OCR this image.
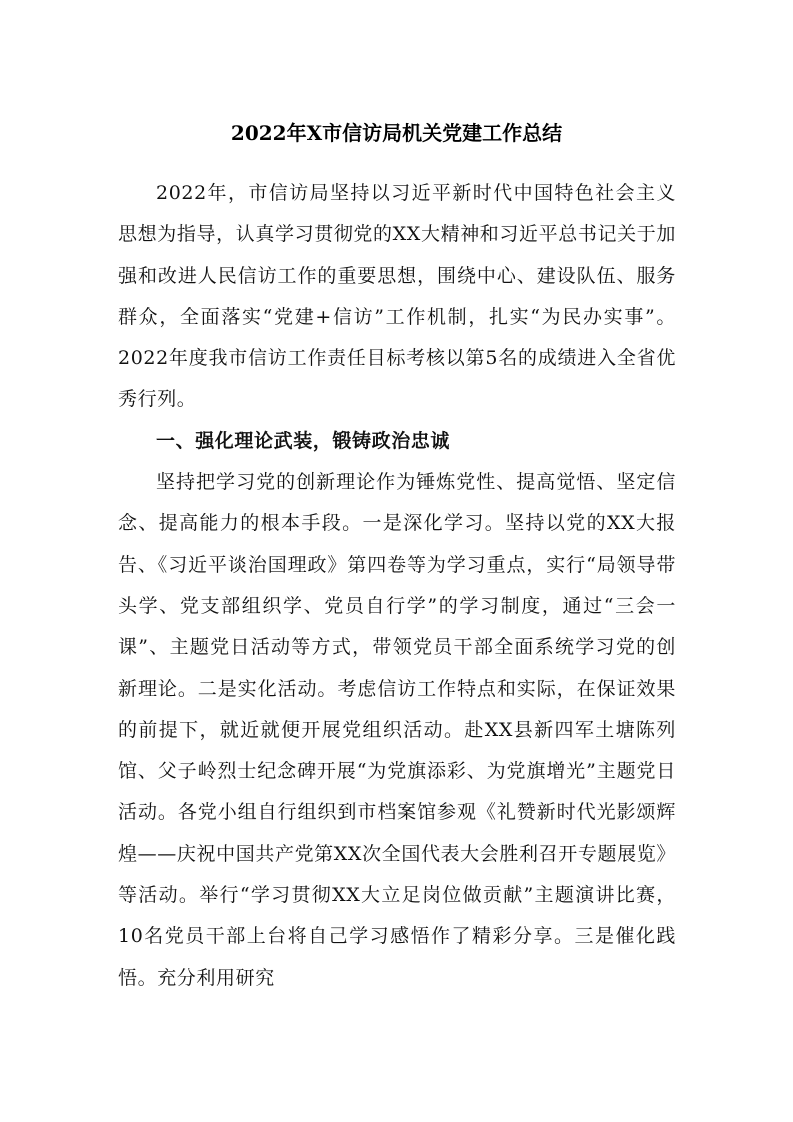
2022年X市信访局机关党建工作总结

2022年，市信访局坚持以习近平新时代中国特色社会主义思想为指导，认真学习贯彻党的XX大精神和习近平总书记关于加强和改进人民信访工作的重要思想，围绕中心、建设队伍、服务群众，全面落实“党建+信访”工作机制，扎实“为民办实事”。2022年度我市信访工作责任目标考核以第5名的成绩进入全省优秀行列。

一、强化理论武装，锻铸政治忠诚

坚持把学习党的创新理论作为锤炼党性、提高觉悟、坚定信念、提高能力的根本手段。一是深化学习。坚持以党的XX大报告、《习近平谈治国理政》第四卷等为学习重点，实行“局领导带头学、党支部组织学、党员自行学”的学习制度，通过“三会一课”、主题党日活动等方式，带领党员干部全面系统学习党的创新理论。二是实化活动。考虑信访工作特点和实际，在保证效果的前提下，就近就便开展党组织活动。赴XX县新四军土塘陈列馆、父子岭烈士纪念碑开展“为党旗添彩、为党旗增光”主题党日活动。各党小组自行组织到市档案馆参观《礼赞新时代光影颂辉煌——庆祝中国共产党第XX次全国代表大会胜利召开专题展览》等活动。举行“学习贯彻XX大立足岗位做贡献”主题演讲比赛，10名党员干部上台将自己学习感悟作了精彩分享。三是催化践悟。充分利用研究
